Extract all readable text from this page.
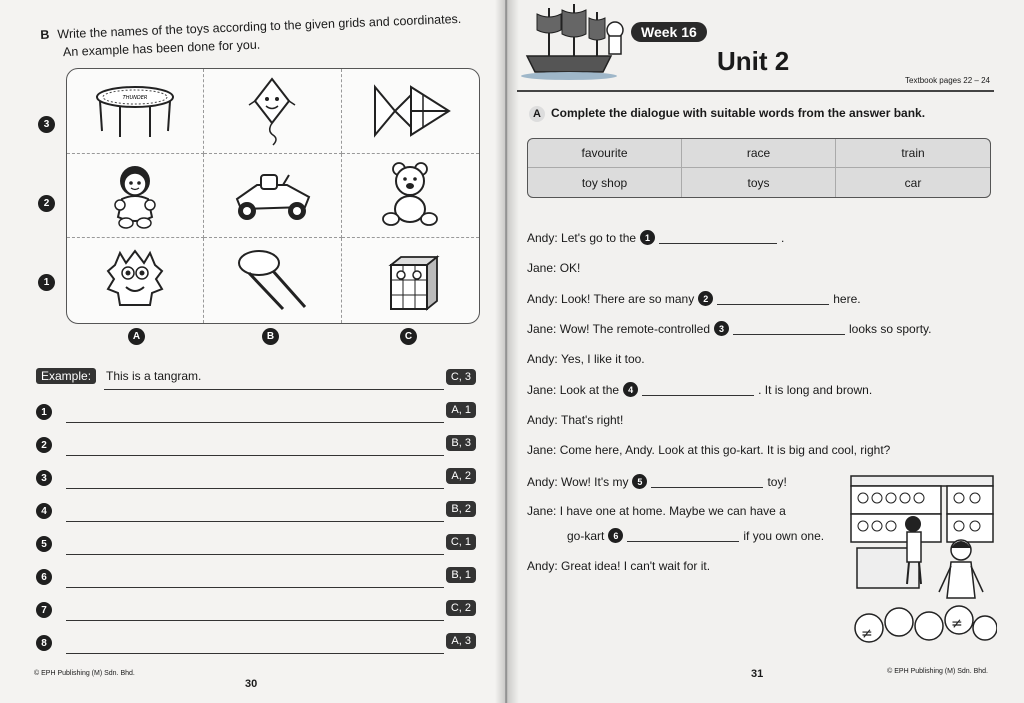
B Write the names of the toys according to the given grids and coordinates.
An example has been done for you.
3
2
1
THUNDER
A	B	C
Example:	This is a tangram.	C, 3
1	A, 1
2	B, 3
3	A, 2
4	B, 2
5	C, 1
6	B, 1
7	C, 2
8	A, 3
© EPH Publishing (M) Sdn. Bhd.
30
Week 16
Unit 2
Textbook pages 22 – 24
A Complete the dialogue with suitable words from the answer bank.
favourite	race	train
toy shop	toys	car
Andy : Let's go to the 1	.
Jane : OK!
Andy : Look! There are so many 2	here.
Jane : Wow! The remote-controlled 3	looks so sporty.
Andy : Yes, I like it too.
Jane : Look at the 4	. It is long and brown.
Andy : That's right!
Jane : Come here, Andy. Look at this go-kart. It is big and cool, right?
Andy : Wow! It's my 5	toy!
Jane : I have one at home. Maybe we can have a
go-kart 6	if you own one.
Andy : Great idea! I can't wait for it.
≠
≠
31	© EPH Publishing (M) Sdn. Bhd.
